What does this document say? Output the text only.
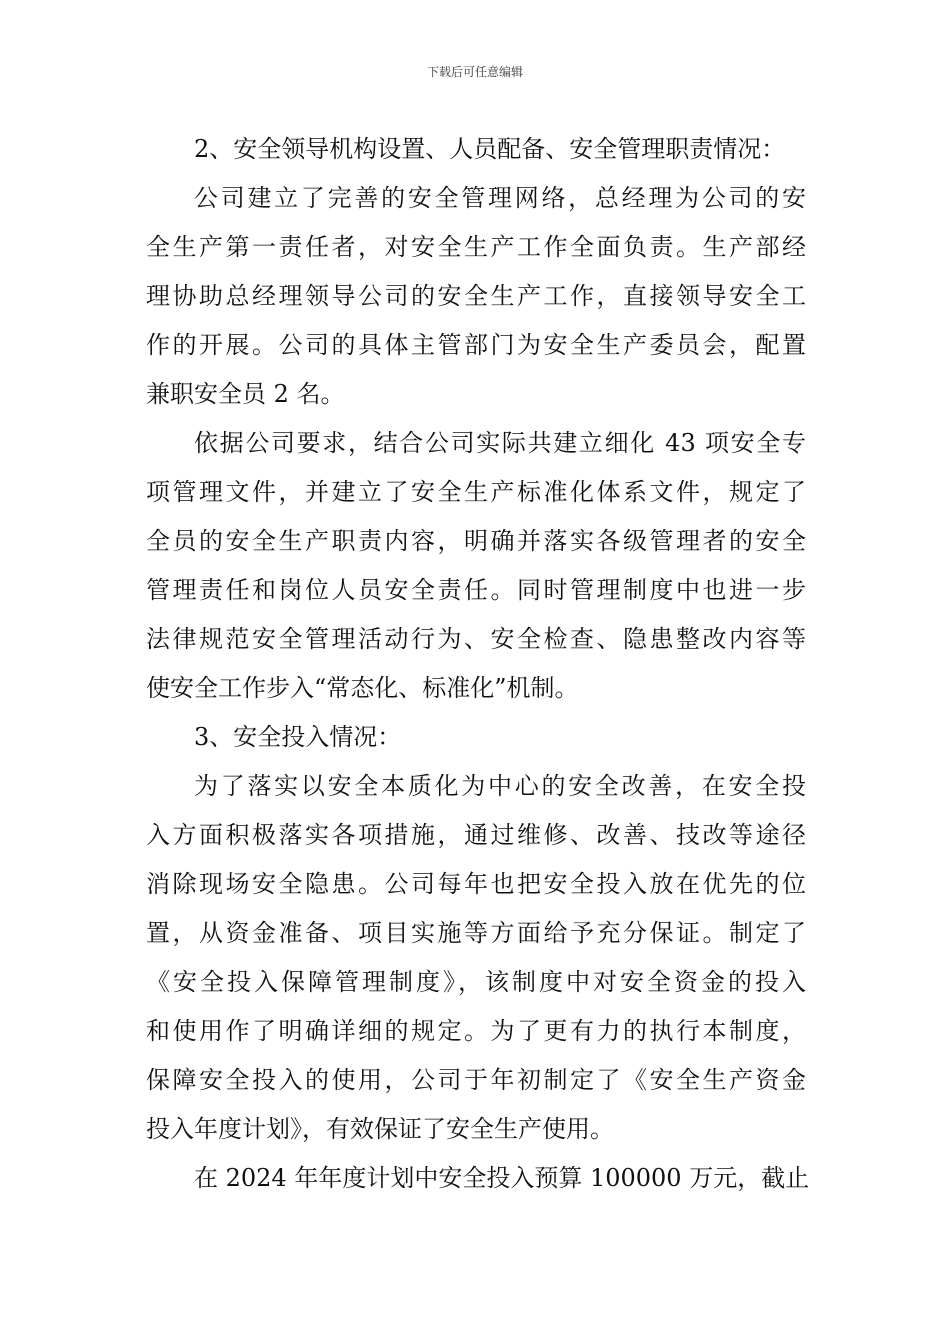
下载后可任意编辑
2、安全领导机构设置、人员配备、安全管理职责情况：
公司建立了完善的安全管理网络，总经理为公司的安
全生产第一责任者，对安全生产工作全面负责。生产部经
理协助总经理领导公司的安全生产工作，直接领导安全工
作的开展。公司的具体主管部门为安全生产委员会，配置
兼职安全员 2 名。
依据公司要求，结合公司实际共建立细化 43 项安全专
项管理文件，并建立了安全生产标准化体系文件，规定了
全员的安全生产职责内容，明确并落实各级管理者的安全
管理责任和岗位人员安全责任。同时管理制度中也进一步
法律规范安全管理活动行为、安全检查、隐患整改内容等
使安全工作步入“常态化、标准化”机制。
3、安全投入情况：
为了落实以安全本质化为中心的安全改善，在安全投
入方面积极落实各项措施，通过维修、改善、技改等途径
消除现场安全隐患。公司每年也把安全投入放在优先的位
置，从资金准备、项目实施等方面给予充分保证。制定了
《安全投入保障管理制度》，该制度中对安全资金的投入
和使用作了明确详细的规定。为了更有力的执行本制度，
保障安全投入的使用，公司于年初制定了《安全生产资金
投入年度计划》，有效保证了安全生产使用。
在 2024 年年度计划中安全投入预算 100000 万元，截止
